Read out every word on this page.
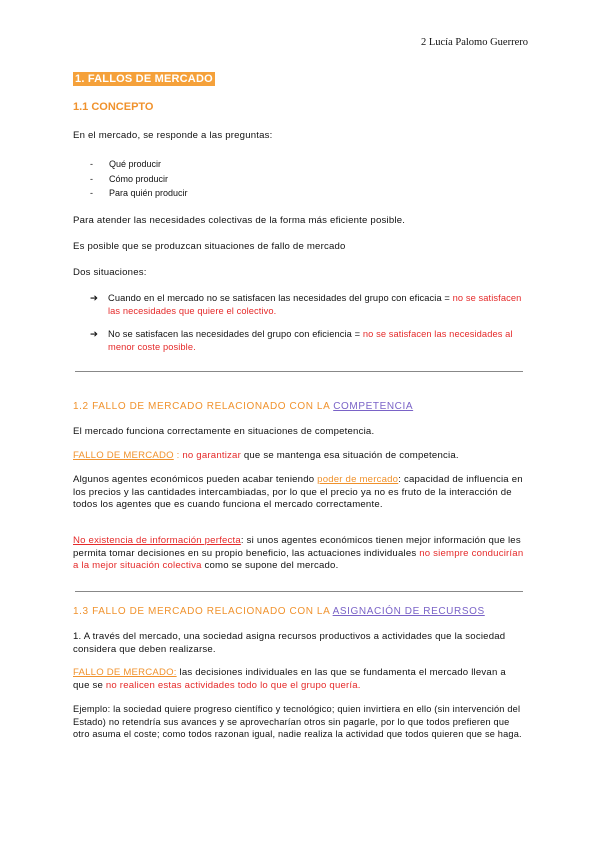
2 Lucía Palomo Guerrero
1. FALLOS DE MERCADO
1.1 CONCEPTO
En el mercado, se responde a las preguntas:
- Qué producir
- Cómo producir
- Para quién producir
Para atender las necesidades colectivas de la forma más eficiente posible.
Es posible que se produzcan situaciones de fallo de mercado
Dos situaciones:
➔	Cuando en el mercado no se satisfacen las necesidades del grupo con eficacia = no se satisfacen las necesidades que quiere el colectivo.
➔	No se satisfacen las necesidades del grupo con eficiencia = no se satisfacen las necesidades al menor coste posible.
1.2 FALLO DE MERCADO RELACIONADO CON LA COMPETENCIA
El mercado funciona correctamente en situaciones de competencia.
FALLO DE MERCADO : no garantizar que se mantenga esa situación de competencia.
Algunos agentes económicos pueden acabar teniendo poder de mercado: capacidad de influencia en los precios y las cantidades intercambiadas, por lo que el precio ya no es fruto de la interacción de todos los agentes que es cuando funciona el mercado correctamente.
No existencia de información perfecta: si unos agentes económicos tienen mejor información que les permita tomar decisiones en su propio beneficio, las actuaciones individuales no siempre conducirían a la mejor situación colectiva como se supone del mercado.
1.3 FALLO DE MERCADO RELACIONADO CON LA ASIGNACIÓN DE RECURSOS
1. A través del mercado, una sociedad asigna recursos productivos a actividades que la sociedad considera que deben realizarse.
FALLO DE MERCADO: las decisiones individuales en las que se fundamenta el mercado llevan a que se no realicen estas actividades todo lo que el grupo quería.
Ejemplo: la sociedad quiere progreso científico y tecnológico; quien invirtiera en ello (sin intervención del Estado) no retendría sus avances y se aprovecharían otros sin pagarle, por lo que todos prefieren que otro asuma el coste; como todos razonan igual, nadie realiza la actividad que todos quieren que se haga.
